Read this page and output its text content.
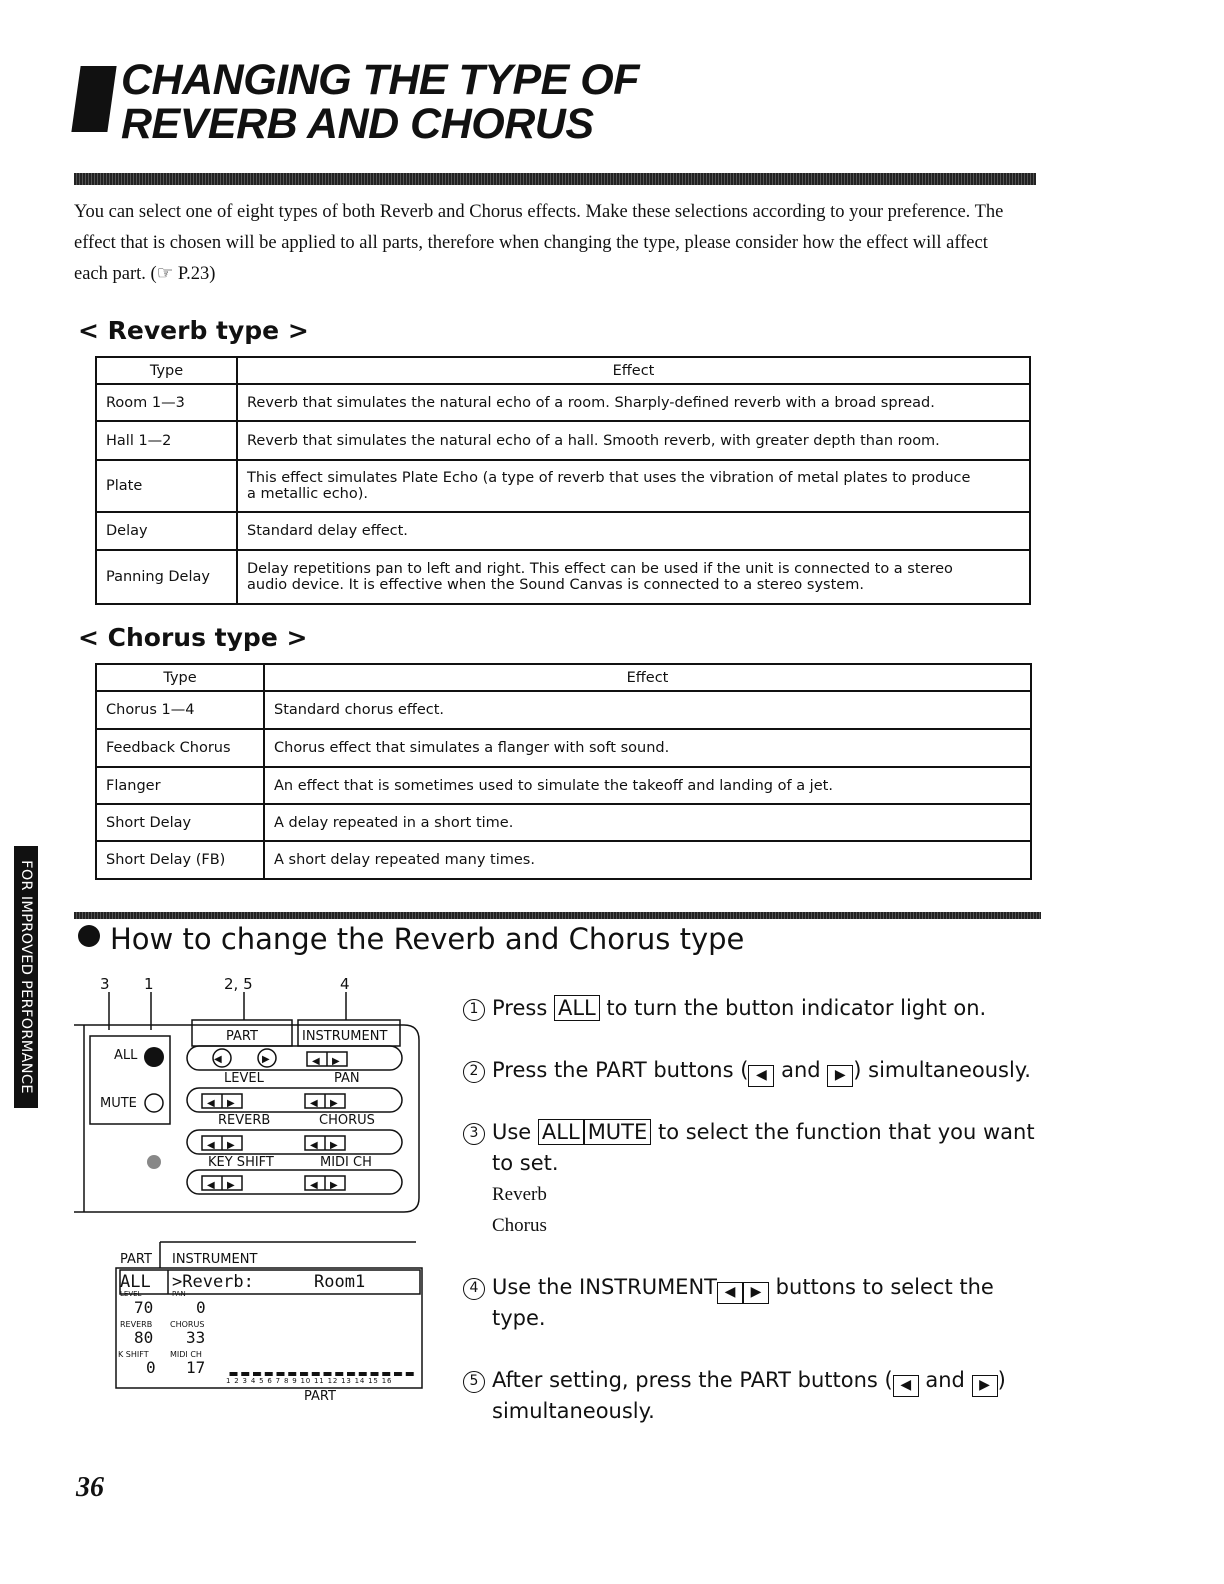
CHANGING THE TYPE OF
REVERB AND CHORUS
You can select one of eight types of both Reverb and Chorus effects. Make these selections according to your preference. The
effect that is chosen will be applied to all parts, therefore when changing the type, please consider how the effect will affect
each part. (☞ P.23)
< Reverb type >
Type	Effect
Room 1—3	Reverb that simulates the natural echo of a room. Sharply-defined reverb with a broad spread.
Hall 1—2	Reverb that simulates the natural echo of a hall. Smooth reverb, with greater depth than room.
Plate	This effect simulates Plate Echo (a type of reverb that uses the vibration of metal plates to produce
a metallic echo).

Delay	Standard delay effect.
Panning Delay	Delay repetitions pan to left and right. This effect can be used if the unit is connected to a stereo
audio device. It is effective when the Sound Canvas is connected to a stereo system.
< Chorus type >
Type	Effect
Chorus 1—4	Standard chorus effect.
Feedback Chorus	Chorus effect that simulates a flanger with soft sound.
Flanger	An effect that is sometimes used to simulate the takeoff and landing of a jet.
Short Delay	A delay repeated in a short time.
Short Delay (FB)	A short delay repeated many times.
FOR IMPROVED PERFORMANCE	How to change the Reverb and Chorus type
◀	▶	◀ ▶
◀ ▶	◀ ▶
◀ ▶	◀ ▶
◀ ▶	◀ ▶
3 1	2, 5	4
PART	INSTRUMENT
ALL
MUTE
LEVEL	PAN
REVERB	CHORUS
KEY SHIFT	MIDI CH
PART INSTRUMENT
ALL >Reverb:	Room1
LEVEL	PAN
70	0
REVERB CHORUS
80 33
K SHIFT	MIDI CH
0 17
1 2 3 4 5 6 7 8 9 10 11 12 13 14 15 16
PART
1 Press ALL to turn the button indicator light on.
2 Press the PART buttons ( ◀ and ▶ ) simultaneously.
3 Use ALL MUTE to select the function that you want
to set.
Reverb
Chorus
4 Use the INSTRUMENT ◀ ▶ buttons to select the
type.
5 After setting, press the PART buttons ( ◀ and ▶ )
simultaneously.
36
